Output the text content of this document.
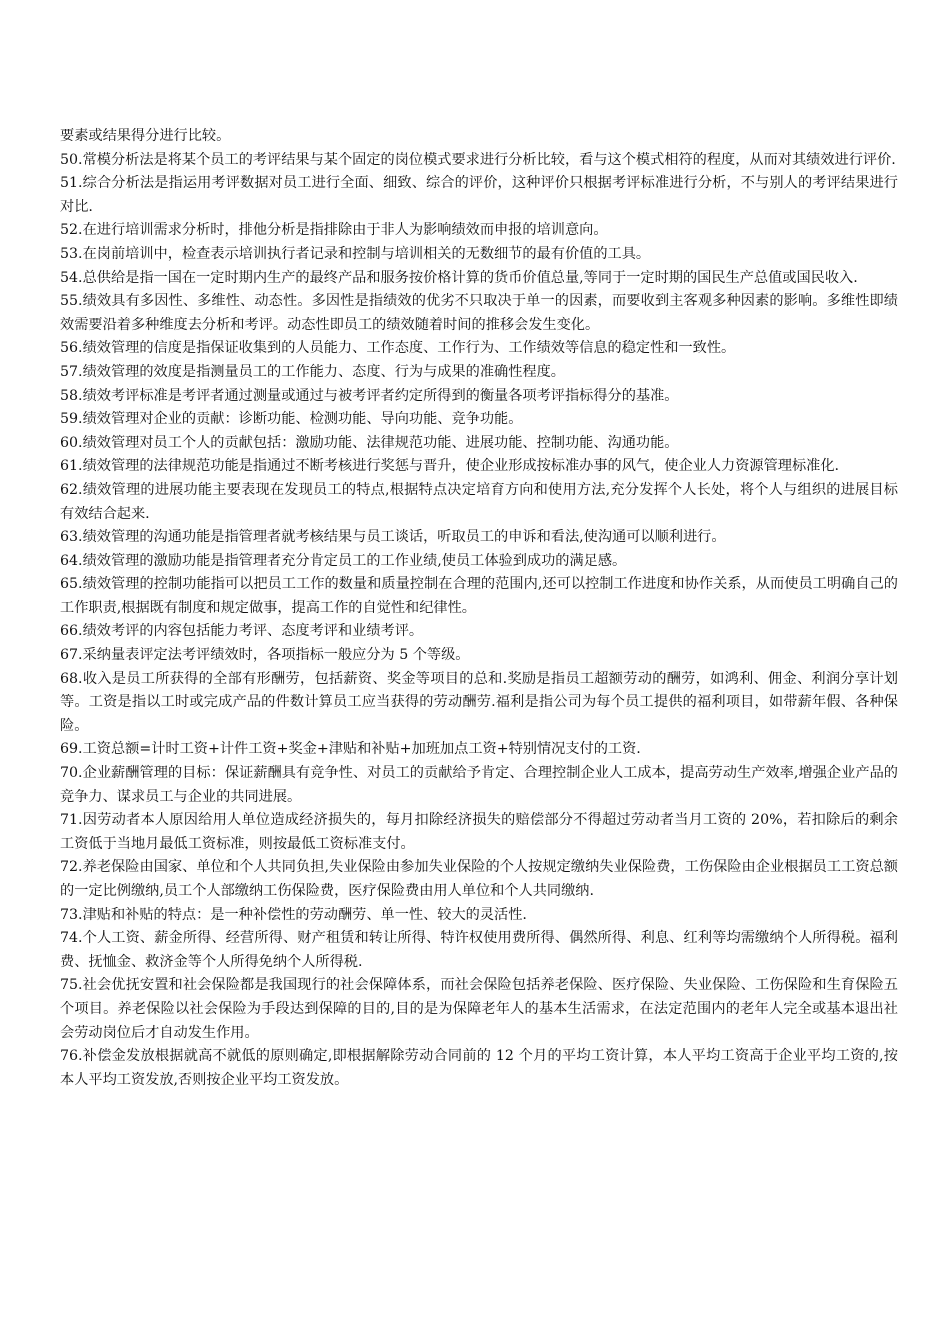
要素或结果得分进行比较。

50.常模分析法是将某个员工的考评结果与某个固定的岗位模式要求进行分析比较，看与这个模式相符的程度，从而对其绩效进行评价.

51.综合分析法是指运用考评数据对员工进行全面、细致、综合的评价，这种评价只根据考评标准进行分析，不与别人的考评结果进行对比.

52.在进行培训需求分析时，排他分析是指排除由于非人为影响绩效而申报的培训意向。

53.在岗前培训中，检查表示培训执行者记录和控制与培训相关的无数细节的最有价值的工具。

54.总供给是指一国在一定时期内生产的最终产品和服务按价格计算的货币价值总量,等同于一定时期的国民生产总值或国民收入.

55.绩效具有多因性、多维性、动态性。多因性是指绩效的优劣不只取决于单一的因素，而要收到主客观多种因素的影响。多维性即绩效需要沿着多种维度去分析和考评。动态性即员工的绩效随着时间的推移会发生变化。

56.绩效管理的信度是指保证收集到的人员能力、工作态度、工作行为、工作绩效等信息的稳定性和一致性。

57.绩效管理的效度是指测量员工的工作能力、态度、行为与成果的准确性程度。

58.绩效考评标准是考评者通过测量或通过与被考评者约定所得到的衡量各项考评指标得分的基准。

59.绩效管理对企业的贡献：诊断功能、检测功能、导向功能、竞争功能。

60.绩效管理对员工个人的贡献包括：激励功能、法律规范功能、进展功能、控制功能、沟通功能。

61.绩效管理的法律规范功能是指通过不断考核进行奖惩与晋升，使企业形成按标准办事的风气，使企业人力资源管理标准化.

62.绩效管理的进展功能主要表现在发现员工的特点,根据特点决定培育方向和使用方法,充分发挥个人长处，将个人与组织的进展目标有效结合起来.

63.绩效管理的沟通功能是指管理者就考核结果与员工谈话，听取员工的申诉和看法,使沟通可以顺利进行。

64.绩效管理的激励功能是指管理者充分肯定员工的工作业绩,使员工体验到成功的满足感。

65.绩效管理的控制功能指可以把员工工作的数量和质量控制在合理的范围内,还可以控制工作进度和协作关系，从而使员工明确自己的工作职责,根据既有制度和规定做事，提高工作的自觉性和纪律性。

66.绩效考评的内容包括能力考评、态度考评和业绩考评。

67.采纳量表评定法考评绩效时，各项指标一般应分为 5 个等级。

68.收入是员工所获得的全部有形酬劳，包括薪资、奖金等项目的总和.奖励是指员工超额劳动的酬劳，如鸿利、佣金、利润分享计划等。工资是指以工时或完成产品的件数计算员工应当获得的劳动酬劳.福利是指公司为每个员工提供的福利项目，如带薪年假、各种保险。

69.工资总额=计时工资+计件工资+奖金+津贴和补贴+加班加点工资+特别情况支付的工资.

70.企业薪酬管理的目标：保证薪酬具有竞争性、对员工的贡献给予肯定、合理控制企业人工成本，提高劳动生产效率,增强企业产品的竞争力、谋求员工与企业的共同进展。

71.因劳动者本人原因给用人单位造成经济损失的，每月扣除经济损失的赔偿部分不得超过劳动者当月工资的 20%，若扣除后的剩余工资低于当地月最低工资标准，则按最低工资标准支付。

72.养老保险由国家、单位和个人共同负担,失业保险由参加失业保险的个人按规定缴纳失业保险费，工伤保险由企业根据员工工资总额的一定比例缴纳,员工个人部缴纳工伤保险费，医疗保险费由用人单位和个人共同缴纳.

73.津贴和补贴的特点：是一种补偿性的劳动酬劳、单一性、较大的灵活性.

74.个人工资、薪金所得、经营所得、财产租赁和转让所得、特许权使用费所得、偶然所得、利息、红利等均需缴纳个人所得税。福利费、抚恤金、救济金等个人所得免纳个人所得税.

75.社会优抚安置和社会保险都是我国现行的社会保障体系，而社会保险包括养老保险、医疗保险、失业保险、工伤保险和生育保险五个项目。养老保险以社会保险为手段达到保障的目的,目的是为保障老年人的基本生活需求，在法定范围内的老年人完全或基本退出社会劳动岗位后才自动发生作用。

76.补偿金发放根据就高不就低的原则确定,即根据解除劳动合同前的 12 个月的平均工资计算，本人平均工资高于企业平均工资的,按本人平均工资发放,否则按企业平均工资发放。
